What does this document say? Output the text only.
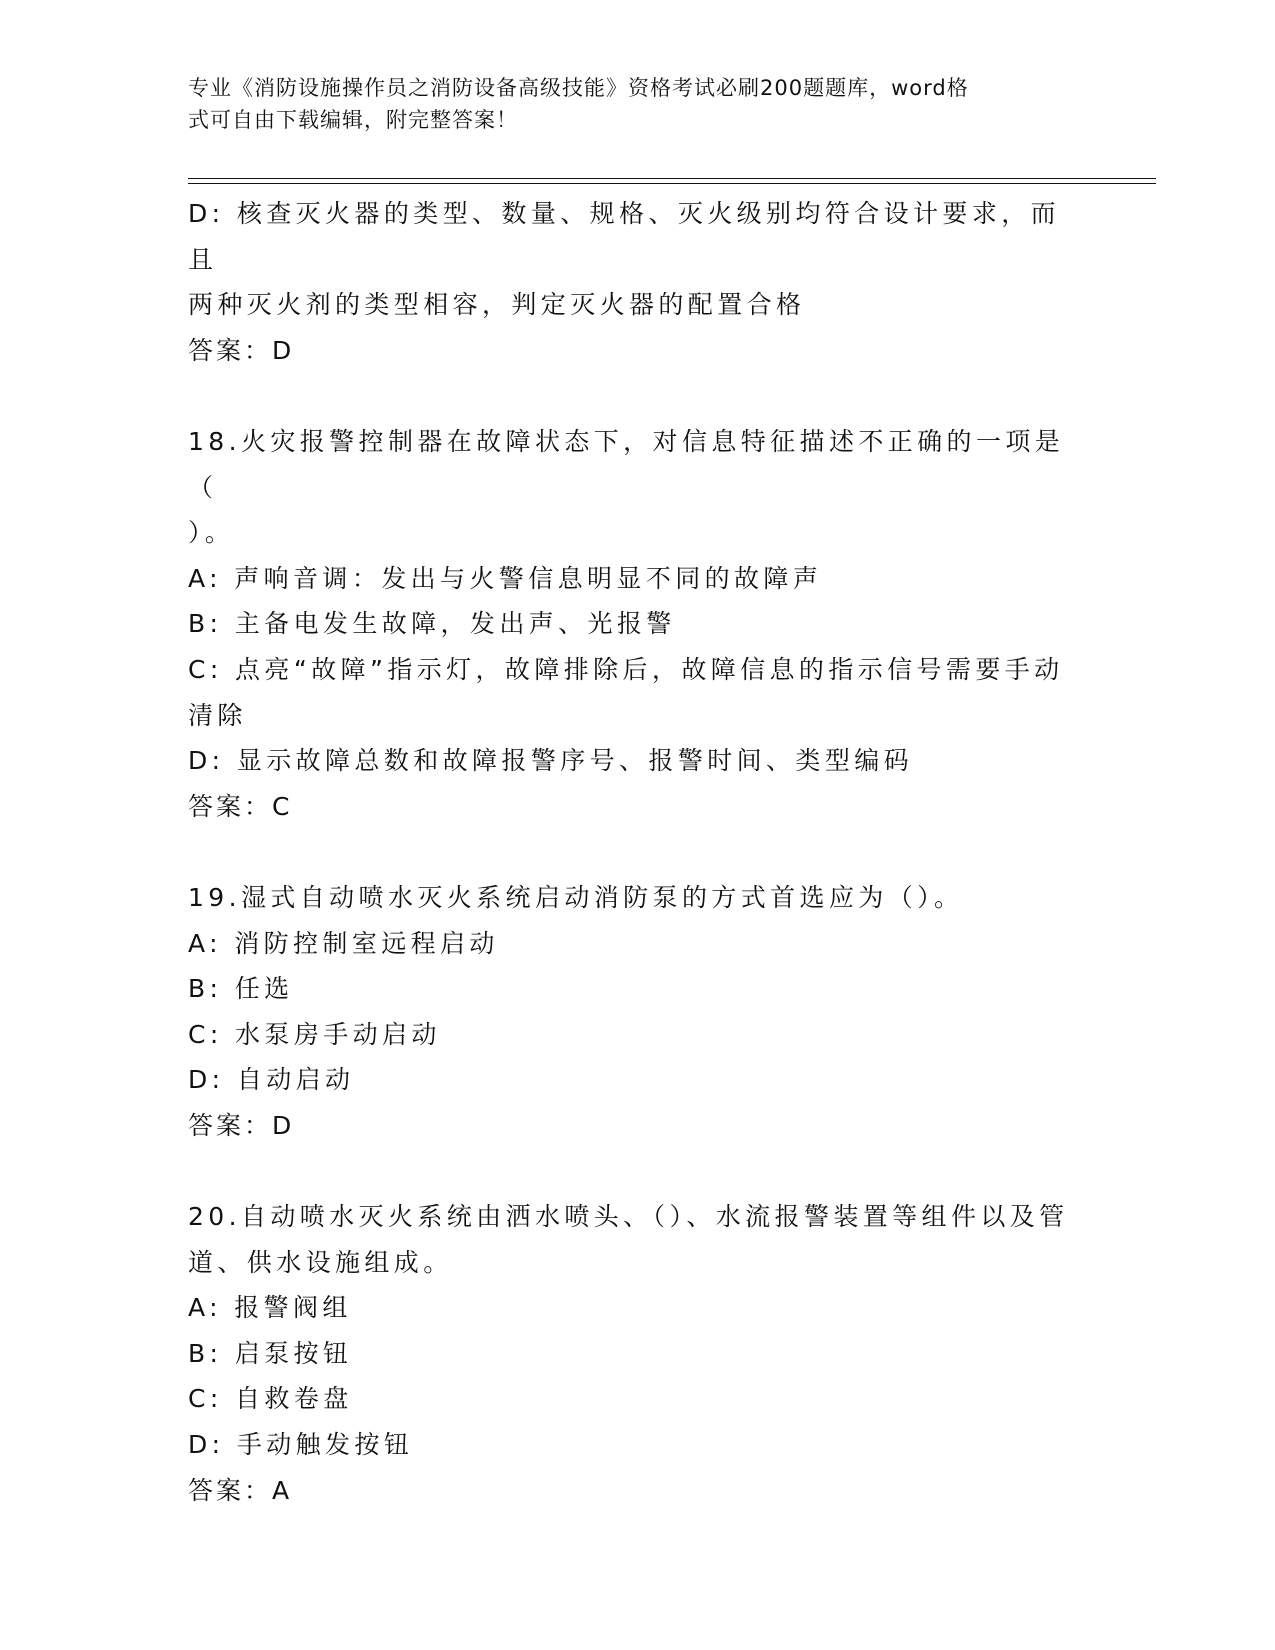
专业《消防设施操作员之消防设备高级技能》资格考试必刷200题题库，word格
式可自由下载编辑，附完整答案！
D: 核查灭火器的类型、数量、规格、灭火级别均符合设计要求，而且
两种灭火剂的类型相容，判定灭火器的配置合格
答案：D
18.火灾报警控制器在故障状态下，对信息特征描述不正确的一项是（
）。
A: 声响音调：发出与火警信息明显不同的故障声
B: 主备电发生故障，发出声、光报警
C: 点亮“故障”指示灯，故障排除后，故障信息的指示信号需要手动
清除
D: 显示故障总数和故障报警序号、报警时间、类型编码
答案：C
19.湿式自动喷水灭火系统启动消防泵的方式首选应为（）。
A: 消防控制室远程启动
B: 任选
C: 水泵房手动启动
D: 自动启动
答案：D
20.自动喷水灭火系统由洒水喷头、（）、水流报警装置等组件以及管
道、供水设施组成。
A: 报警阀组
B: 启泵按钮
C: 自救卷盘
D: 手动触发按钮
答案：A
